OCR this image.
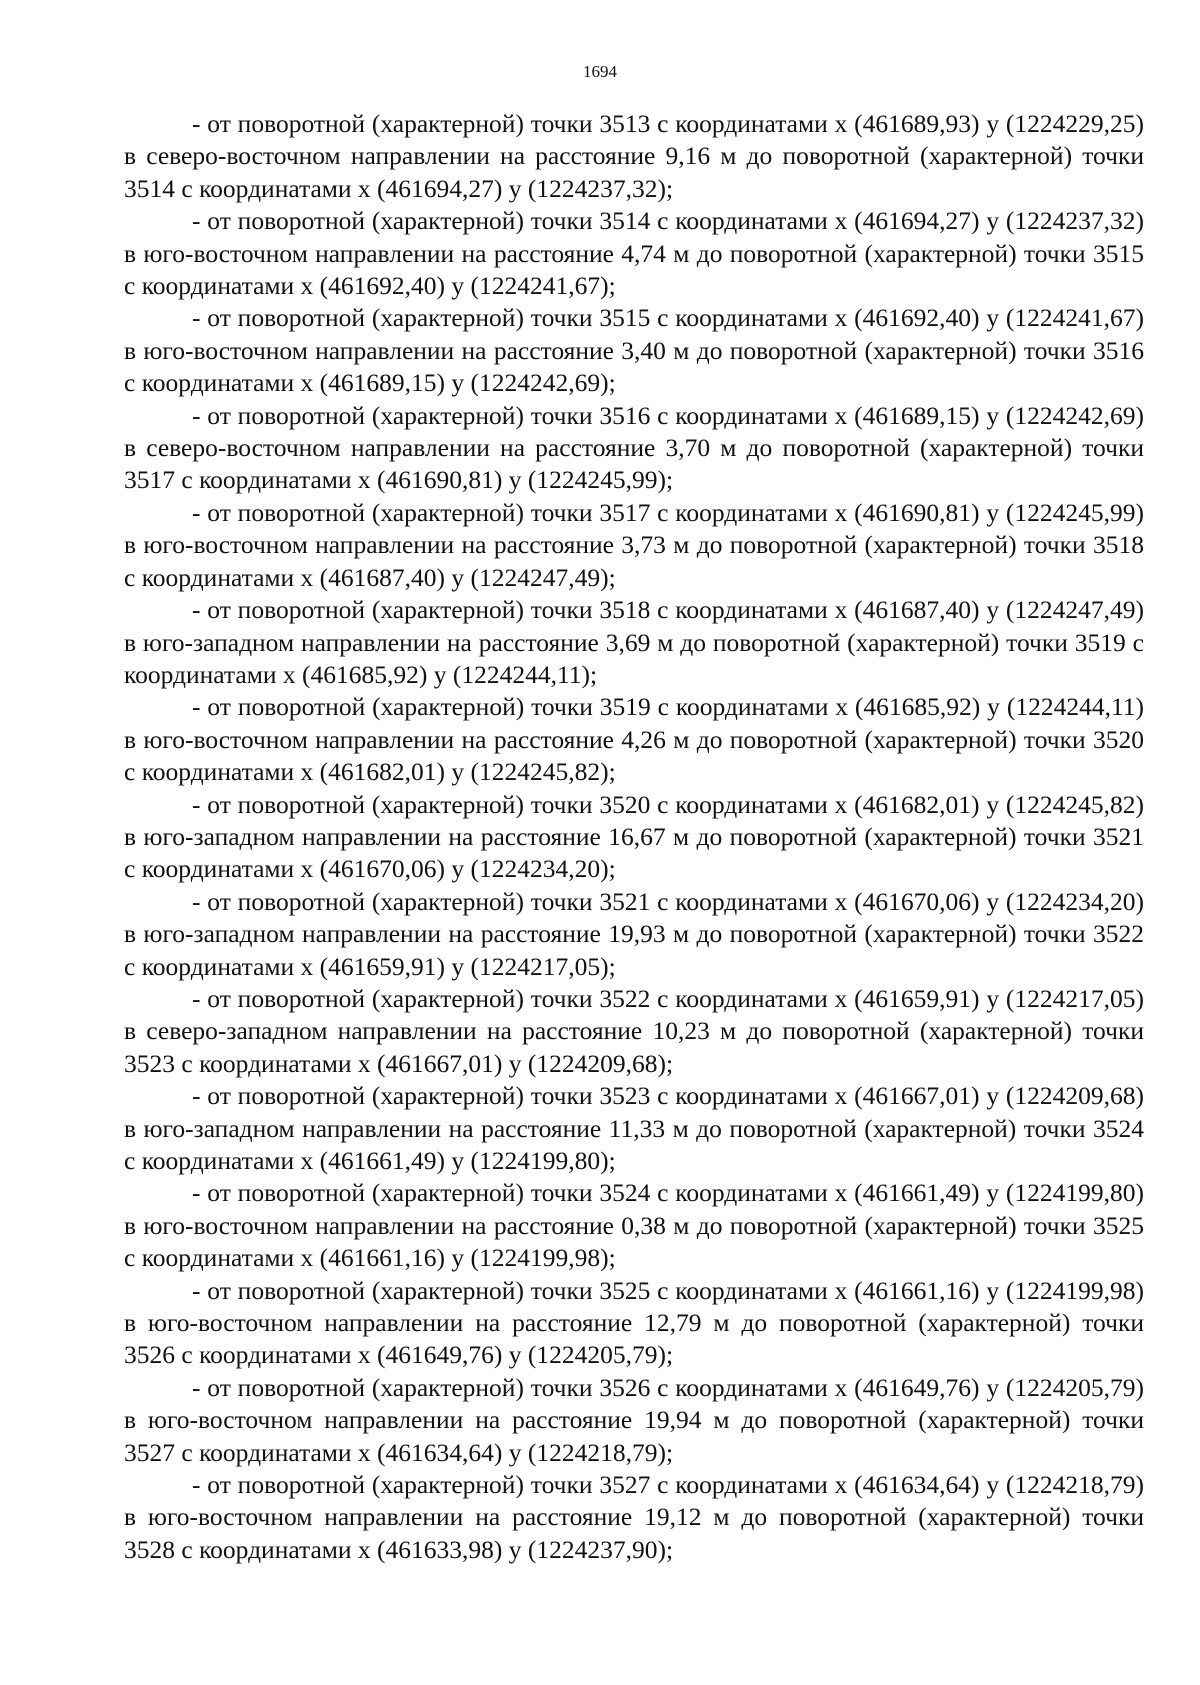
1694

- от поворотной (характерной) точки 3513 с координатами х (461689,93) у (1224229,25) в северо-восточном направлении на расстояние 9,16 м до поворотной (характерной) точки 3514 с координатами х (461694,27) у (1224237,32);

- от поворотной (характерной) точки 3514 с координатами х (461694,27) у (1224237,32) в юго-восточном направлении на расстояние 4,74 м до поворотной (характерной) точки 3515 с координатами х (461692,40) у (1224241,67);

- от поворотной (характерной) точки 3515 с координатами х (461692,40) у (1224241,67) в юго-восточном направлении на расстояние 3,40 м до поворотной (характерной) точки 3516 с координатами х (461689,15) у (1224242,69);

- от поворотной (характерной) точки 3516 с координатами х (461689,15) у (1224242,69) в северо-восточном направлении на расстояние 3,70 м до поворотной (характерной) точки 3517 с координатами х (461690,81) у (1224245,99);

- от поворотной (характерной) точки 3517 с координатами х (461690,81) у (1224245,99) в юго-восточном направлении на расстояние 3,73 м до поворотной (характерной) точки 3518 с координатами х (461687,40) у (1224247,49);

- от поворотной (характерной) точки 3518 с координатами х (461687,40) у (1224247,49) в юго-западном направлении на расстояние 3,69 м до поворотной (характерной) точки 3519 с координатами х (461685,92) у (1224244,11);

- от поворотной (характерной) точки 3519 с координатами х (461685,92) у (1224244,11) в юго-восточном направлении на расстояние 4,26 м до поворотной (характерной) точки 3520 с координатами х (461682,01) у (1224245,82);

- от поворотной (характерной) точки 3520 с координатами х (461682,01) у (1224245,82) в юго-западном направлении на расстояние 16,67 м до поворотной (характерной) точки 3521 с координатами х (461670,06) у (1224234,20);

- от поворотной (характерной) точки 3521 с координатами х (461670,06) у (1224234,20) в юго-западном направлении на расстояние 19,93 м до поворотной (характерной) точки 3522 с координатами х (461659,91) у (1224217,05);

- от поворотной (характерной) точки 3522 с координатами х (461659,91) у (1224217,05) в северо-западном направлении на расстояние 10,23 м до поворотной (характерной) точки 3523 с координатами х (461667,01) у (1224209,68);

- от поворотной (характерной) точки 3523 с координатами х (461667,01) у (1224209,68) в юго-западном направлении на расстояние 11,33 м до поворотной (характерной) точки 3524 с координатами х (461661,49) у (1224199,80);

- от поворотной (характерной) точки 3524 с координатами х (461661,49) у (1224199,80) в юго-восточном направлении на расстояние 0,38 м до поворотной (характерной) точки 3525 с координатами х (461661,16) у (1224199,98);

- от поворотной (характерной) точки 3525 с координатами х (461661,16) у (1224199,98) в юго-восточном направлении на расстояние 12,79 м до поворотной (характерной) точки 3526 с координатами х (461649,76) у (1224205,79);

- от поворотной (характерной) точки 3526 с координатами х (461649,76) у (1224205,79) в юго-восточном направлении на расстояние 19,94 м до поворотной (характерной) точки 3527 с координатами х (461634,64) у (1224218,79);

- от поворотной (характерной) точки 3527 с координатами х (461634,64) у (1224218,79) в юго-восточном направлении на расстояние 19,12 м до поворотной (характерной) точки 3528 с координатами х (461633,98) у (1224237,90);
